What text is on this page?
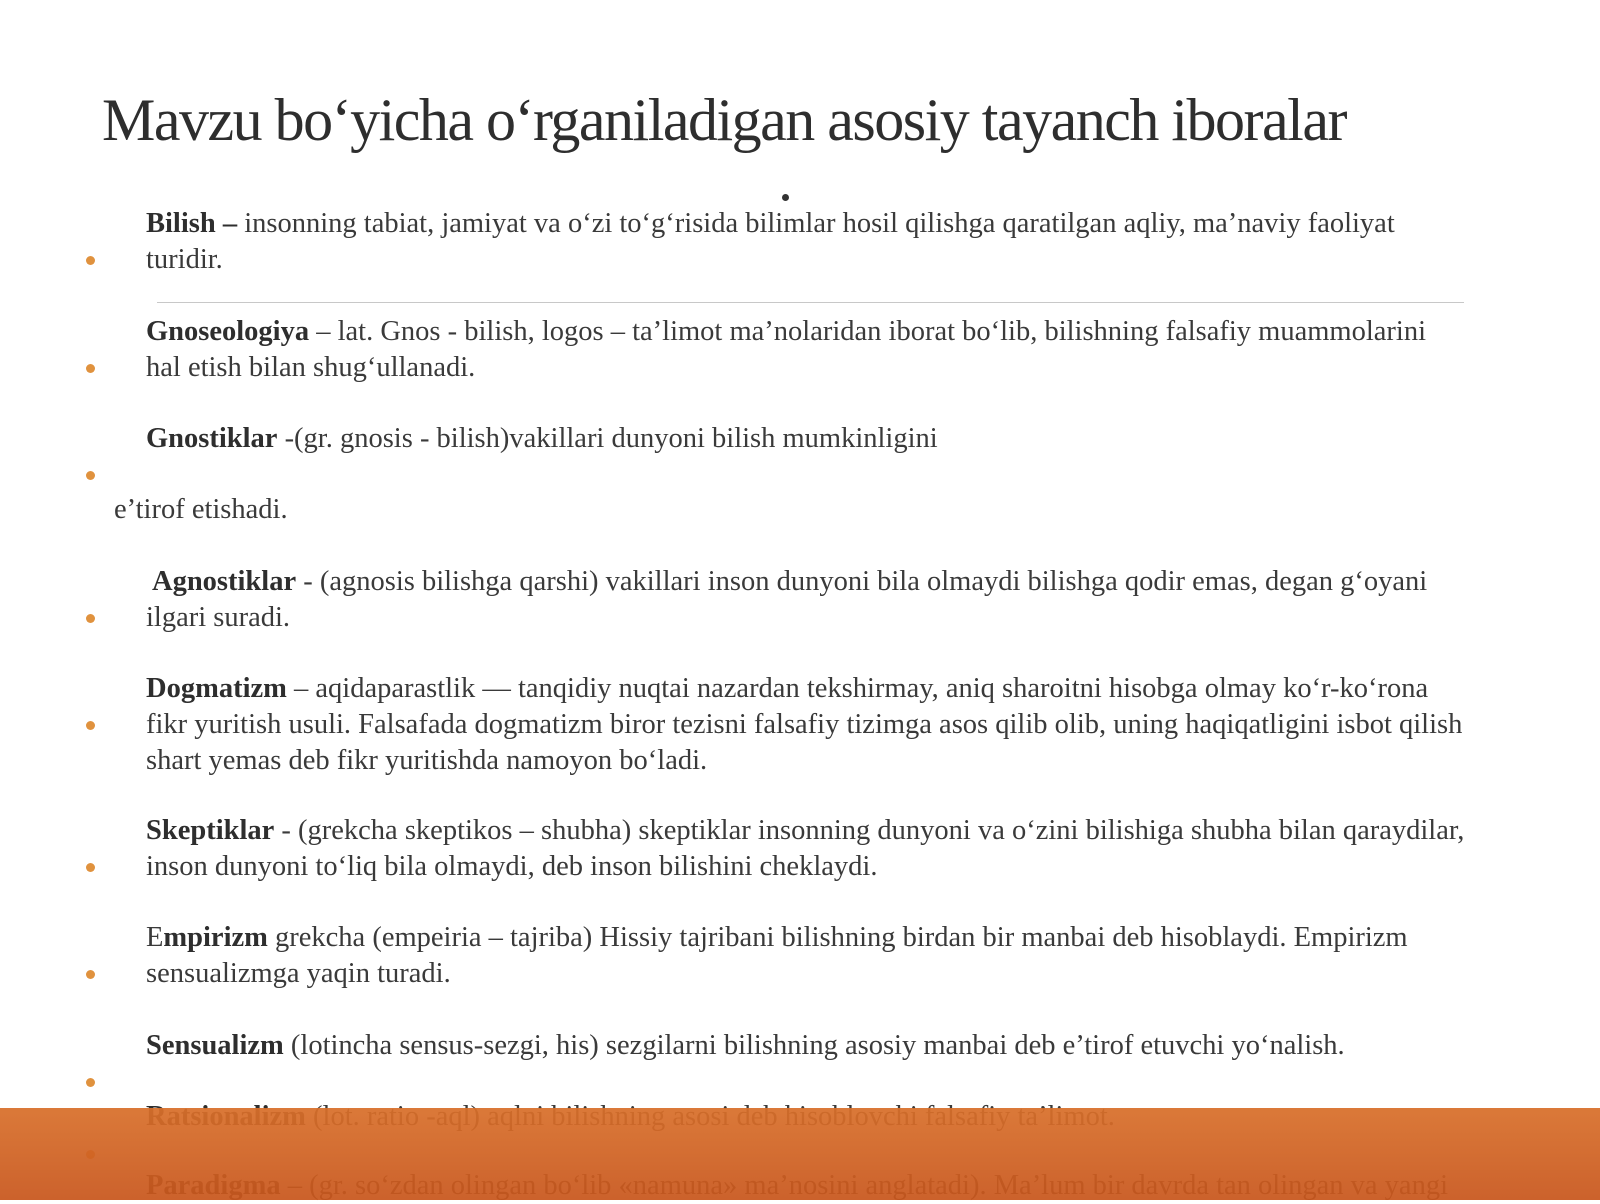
Mavzu bo‘yicha o‘rganiladigan asosiy tayanch iboralar

Bilish – insonning tabiat, jamiyat va o‘zi to‘g‘risida bilimlar hosil qilishga qaratilgan aqliy, ma’naviy faoliyat

turidir.

Gnoseologiya – lat. Gnos - bilish, logos – ta’limot ma’nolaridan iborat bo‘lib, bilishning falsafiy muammolarini

hal etish bilan shug‘ullanadi.

Gnostiklar -(gr. gnosis - bilish)vakillari dunyoni bilish mumkinligini

e’tirof etishadi.

Agnostiklar - (agnosis bilishga qarshi) vakillari inson dunyoni bila olmaydi bilishga qodir emas, degan g‘oyani

ilgari suradi.

Dogmatizm – aqidaparastlik — tanqidiy nuqtai nazardan tekshirmay, aniq sharoitni hisobga olmay ko‘r-ko‘rona

fikr yuritish usuli. Falsafada dogmatizm biror tezisni falsafiy tizimga asos qilib olib, uning haqiqatligini isbot qilish

shart yemas deb fikr yuritishda namoyon bo‘ladi.

Skeptiklar - (grekcha skeptikos – shubha) skeptiklar insonning dunyoni va o‘zini bilishiga shubha bilan qaraydilar,

inson dunyoni to‘liq bila olmaydi, deb inson bilishini cheklaydi.

Empirizm grekcha (empeiria – tajriba) Hissiy tajribani bilishning birdan bir manbai deb hisoblaydi. Empirizm

sensualizmga yaqin turadi.

Sensualizm (lotincha sensus-sezgi, his) sezgilarni bilishning asosiy manbai deb e’tirof etuvchi yo‘nalish.
